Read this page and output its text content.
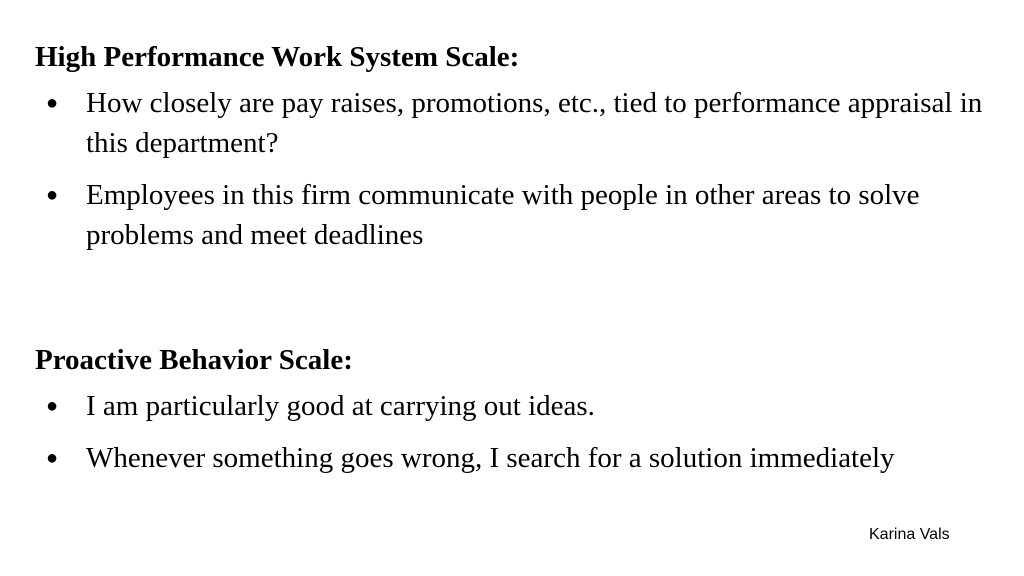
High Performance Work System Scale:
● How closely are pay raises, promotions, etc., tied to performance appraisal in this department?
● Employees in this firm communicate with people in other areas to solve problems and meet deadlines
Proactive Behavior Scale:
● I am particularly good at carrying out ideas.
● Whenever something goes wrong, I search for a solution immediately
Karina Vals
